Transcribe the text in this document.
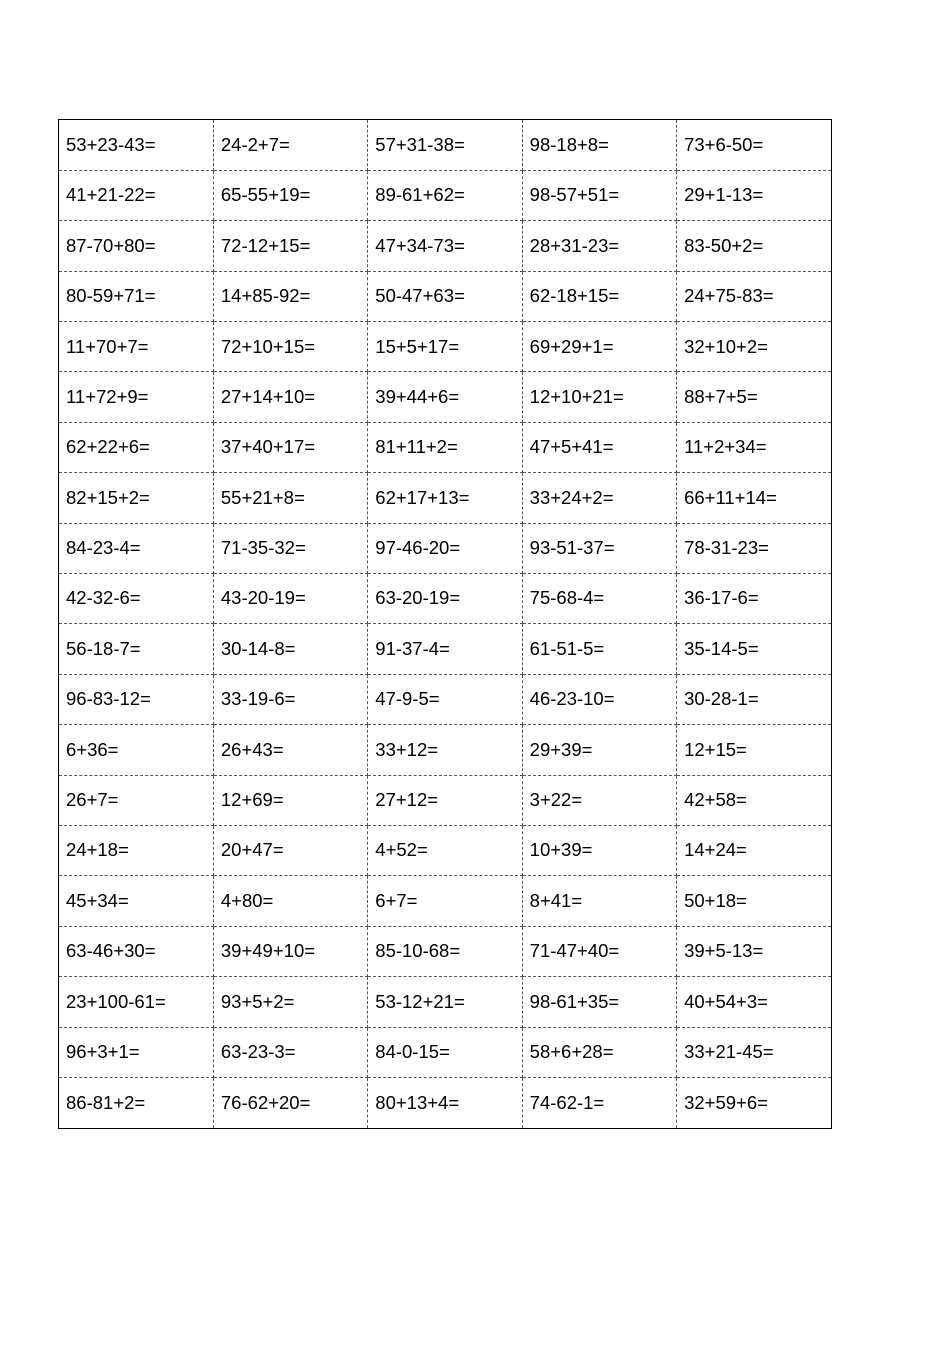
53+23-43=	24-2+7=	57+31-38=	98-18+8=	73+6-50=
41+21-22=	65-55+19=	89-61+62=	98-57+51=	29+1-13=
87-70+80=	72-12+15=	47+34-73=	28+31-23=	83-50+2=
80-59+71=	14+85-92=	50-47+63=	62-18+15=	24+75-83=
11+70+7=	72+10+15=	15+5+17=	69+29+1=	32+10+2=
11+72+9=	27+14+10=	39+44+6=	12+10+21=	88+7+5=
62+22+6=	37+40+17=	81+11+2=	47+5+41=	11+2+34=
82+15+2=	55+21+8=	62+17+13=	33+24+2=	66+11+14=
84-23-4=	71-35-32=	97-46-20=	93-51-37=	78-31-23=
42-32-6=	43-20-19=	63-20-19=	75-68-4=	36-17-6=
56-18-7=	30-14-8=	91-37-4=	61-51-5=	35-14-5=
96-83-12=	33-19-6=	47-9-5=	46-23-10=	30-28-1=
6+36=	26+43=	33+12=	29+39=	12+15=
26+7=	12+69=	27+12=	3+22=	42+58=
24+18=	20+47=	4+52=	10+39=	14+24=
45+34=	4+80=	6+7=	8+41=	50+18=
63-46+30=	39+49+10=	85-10-68=	71-47+40=	39+5-13=
23+100-61=	93+5+2=	53-12+21=	98-61+35=	40+54+3=
96+3+1=	63-23-3=	84-0-15=	58+6+28=	33+21-45=
86-81+2=	76-62+20=	80+13+4=	74-62-1=	32+59+6=
